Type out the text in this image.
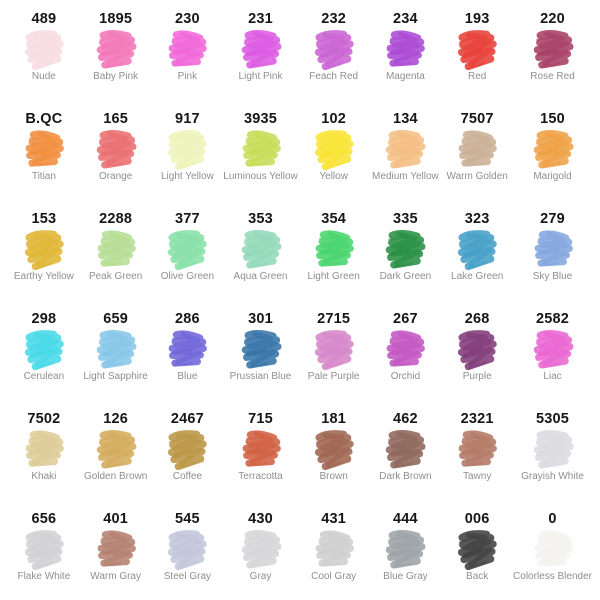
489
Nude
1895
Baby Pink
230
Pink
231
Light Pink
232
Feach Red
234
Magenta
193
Red
220
Rose Red
B.QC
Titian
165
Orange
917
Light Yellow
3935
Luminous Yellow
102
Yellow
134
Medium Yellow
7507
Warm Golden
150
Marigold
153
Earthy Yellow
2288
Peak Green
377
Olive Green
353
Aqua Green
354
Light Green
335
Dark Green
323
Lake Green
279
Sky Blue
298
Cerulean
659
Light Sapphire
286
Blue
301
Prussian Blue
2715
Pale Purple
267
Orchid
268
Purple
2582
Liac
7502
Khaki
126
Golden Brown
2467
Coffee
715
Terracotta
181
Brown
462
Dark Brown
2321
Tawny
5305
Grayish White
656
Flake White
401
Warm Gray
545
Steel Gray
430
Gray
431
Cool Gray
444
Blue Gray
006
Back
0
Colorless Blender
